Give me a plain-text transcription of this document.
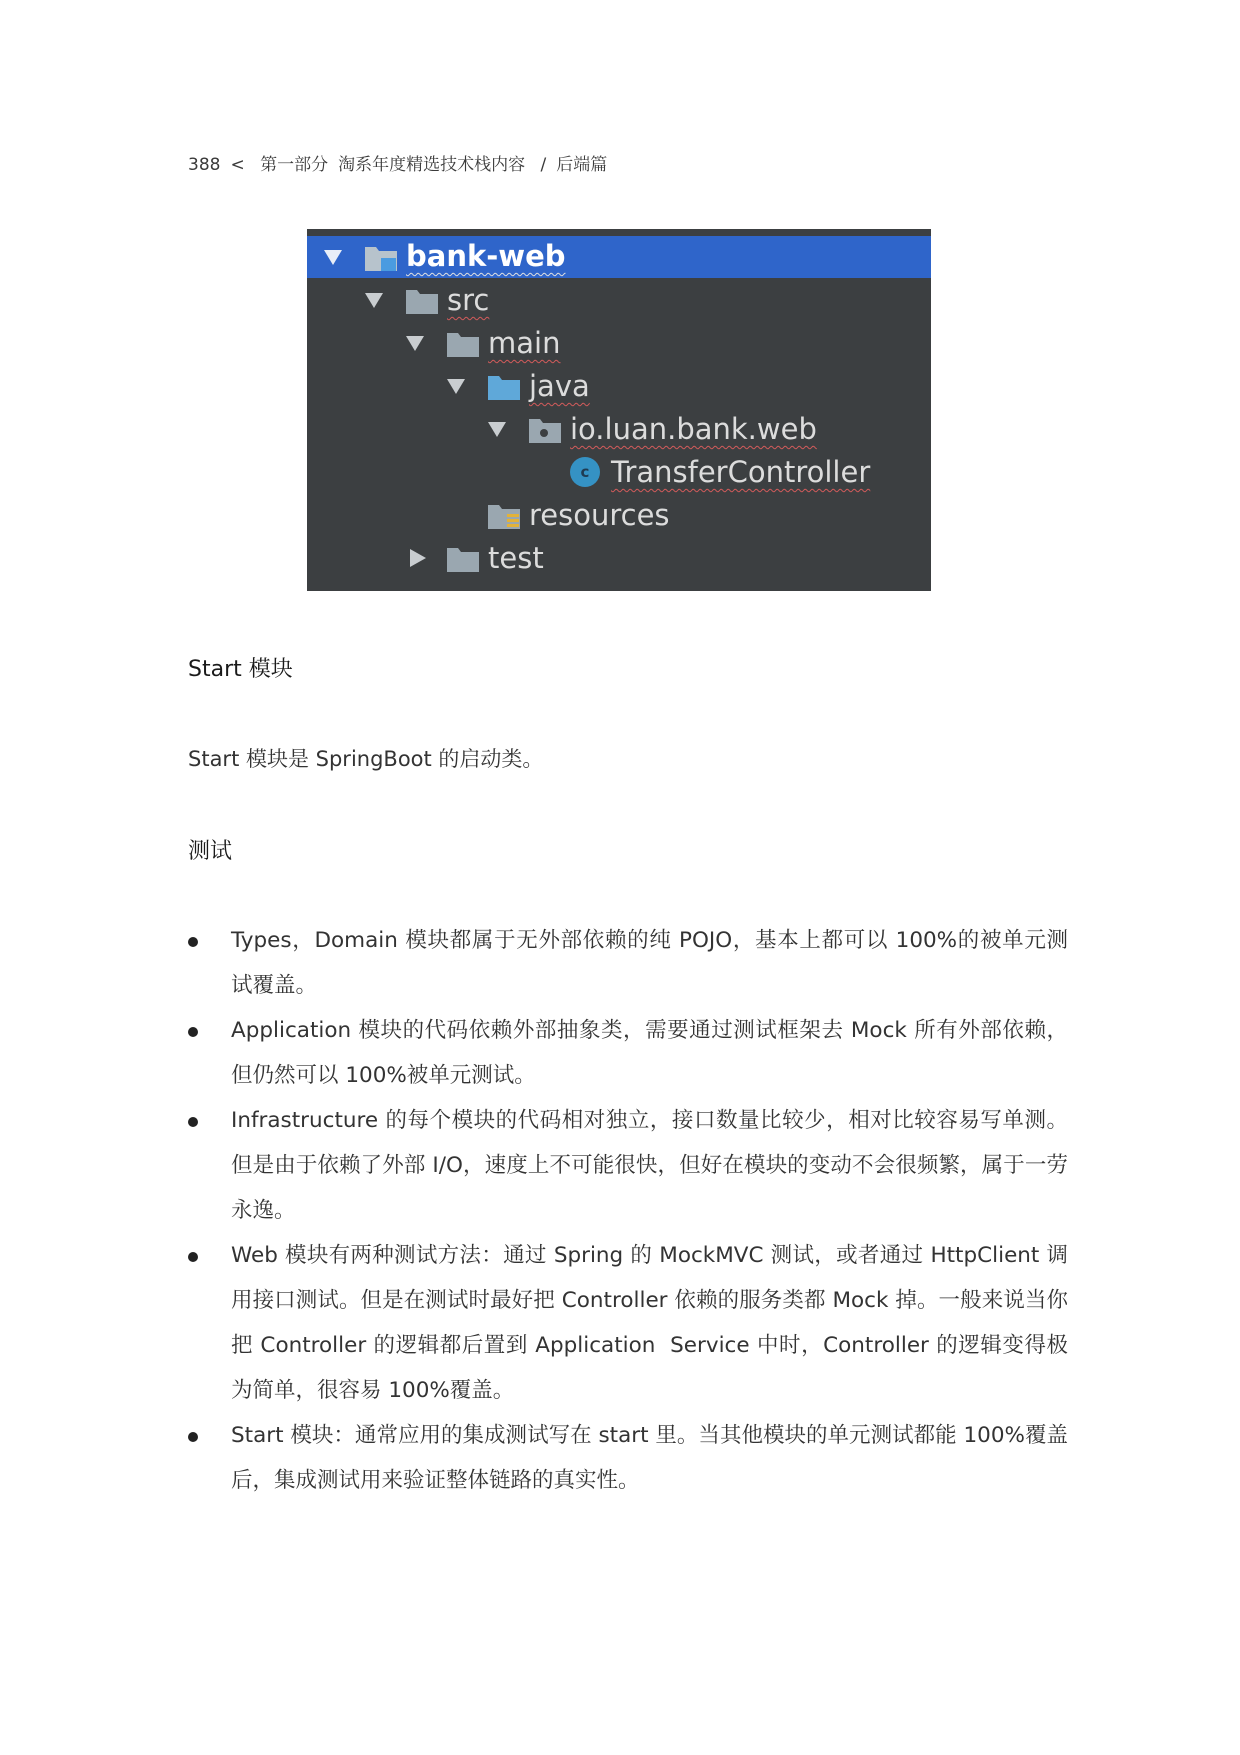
388 < 第一部分 淘系年度精选技术栈内容 / 后端篇
bank-web
src
main
java
io.luan.bank.web
c TransferController
resources
test
Start 模块
Start 模块是 SpringBoot 的启动类。
测试

Types，Domain 模块都属于无外部依赖的纯 POJO，基本上都可以 100%的被单元测试覆盖。

Application 模块的代码依赖外部抽象类，需要通过测试框架去 Mock 所有外部依赖，但仍然可以 100%被单元测试。

Infrastructure 的每个模块的代码相对独立，接口数量比较少，相对比较容易写单测。但是由于依赖了外部 I/O，速度上不可能很快，但好在模块的变动不会很频繁，属于一劳永逸。

Web 模块有两种测试方法：通过 Spring 的 MockMVC 测试，或者通过 HttpClient 调用接口测试。但是在测试时最好把 Controller 依赖的服务类都 Mock 掉。一般来说当你把 Controller 的逻辑都后置到 Application  Service 中时，Controller 的逻辑变得极为简单，很容易 100%覆盖。

Start 模块：通常应用的集成测试写在 start 里。当其他模块的单元测试都能 100%覆盖后，集成测试用来验证整体链路的真实性。
